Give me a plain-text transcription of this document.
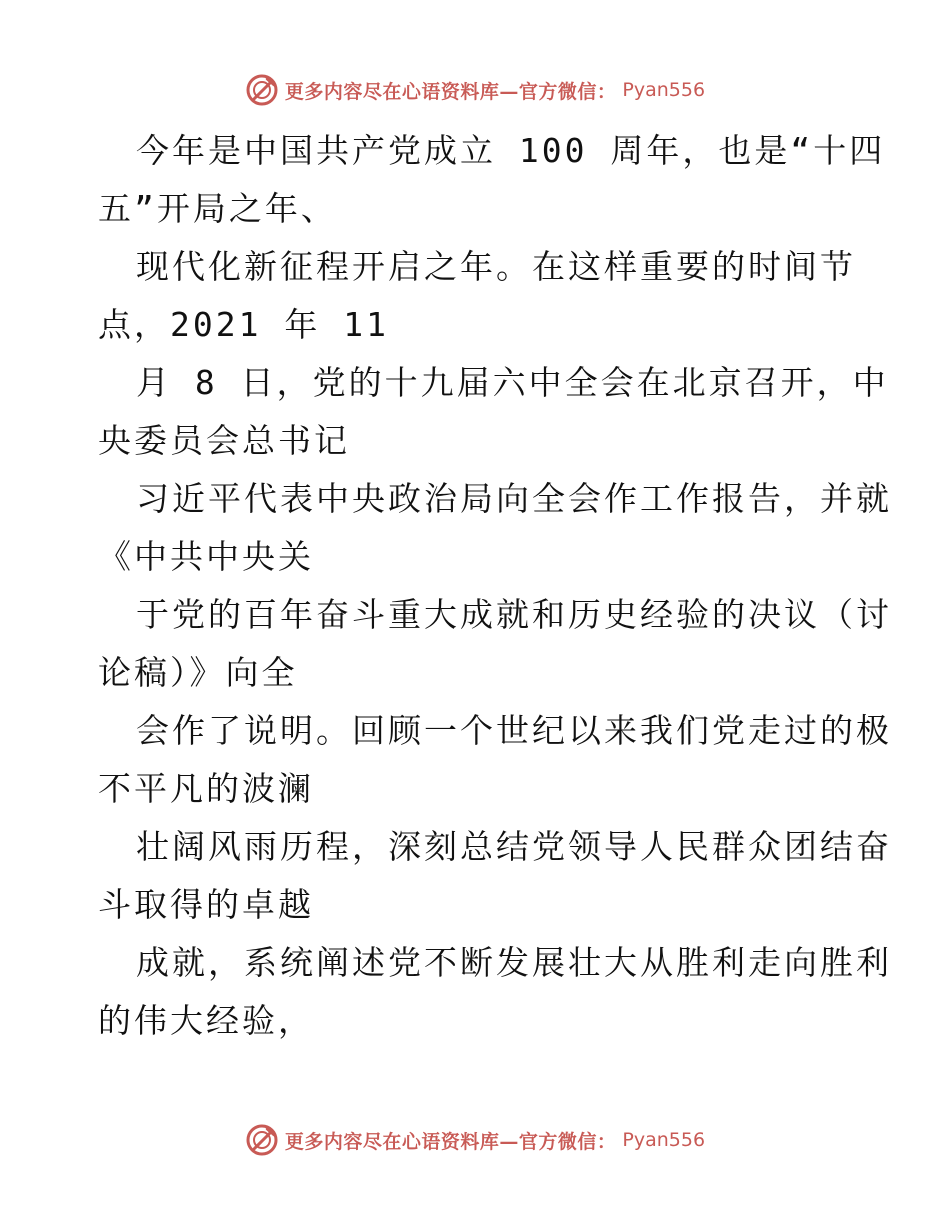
更多内容尽在心语资料库—官方微信： Pyan556
今年是中国共产党成立 100 周年，也是“十四
五”开局之年、
现代化新征程开启之年。在这样重要的时间节
点，2021 年 11
月 8 日，党的十九届六中全会在北京召开，中
央委员会总书记
习近平代表中央政治局向全会作工作报告，并就
《中共中央关
于党的百年奋斗重大成就和历史经验的决议（讨
论稿）》向全
会作了说明。回顾一个世纪以来我们党走过的极
不平凡的波澜
壮阔风雨历程，深刻总结党领导人民群众团结奋
斗取得的卓越
成就，系统阐述党不断发展壮大从胜利走向胜利
的伟大经验，
更多内容尽在心语资料库—官方微信： Pyan556
